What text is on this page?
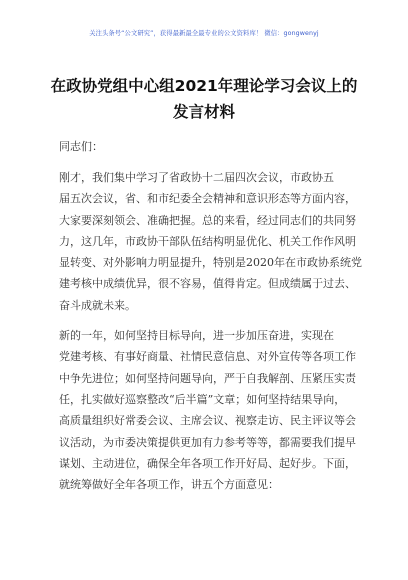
关注头条号“公文研究”，获得最新最全最专业的公文资料库！ 微信：gongwenyj
在政协党组中心组2021年理论学习会议上的
发言材料
同志们：
刚才，我们集中学习了省政协十二届四次会议，市政协五
届五次会议，省、和市纪委全会精神和意识形态等方面内容，
大家要深刻领会、准确把握。总的来看，经过同志们的共同努
力，这几年，市政协干部队伍结构明显优化、机关工作作风明
显转变、对外影响力明显提升，特别是2020年在市政协系统党
建考核中成绩优异，很不容易，值得肯定。但成绩属于过去、
奋斗成就未来。
新的一年，如何坚持目标导向，进一步加压奋进，实现在
党建考核、有事好商量、社情民意信息、对外宣传等各项工作
中争先进位；如何坚持问题导向，严于自我解剖、压紧压实责
任，扎实做好巡察整改“后半篇”文章；如何坚持结果导向，
高质量组织好常委会议、主席会议、视察走访、民主评议等会
议活动，为市委决策提供更加有力参考等等，都需要我们提早
谋划、主动进位，确保全年各项工作开好局、起好步。下面，
就统筹做好全年各项工作，讲五个方面意见：
